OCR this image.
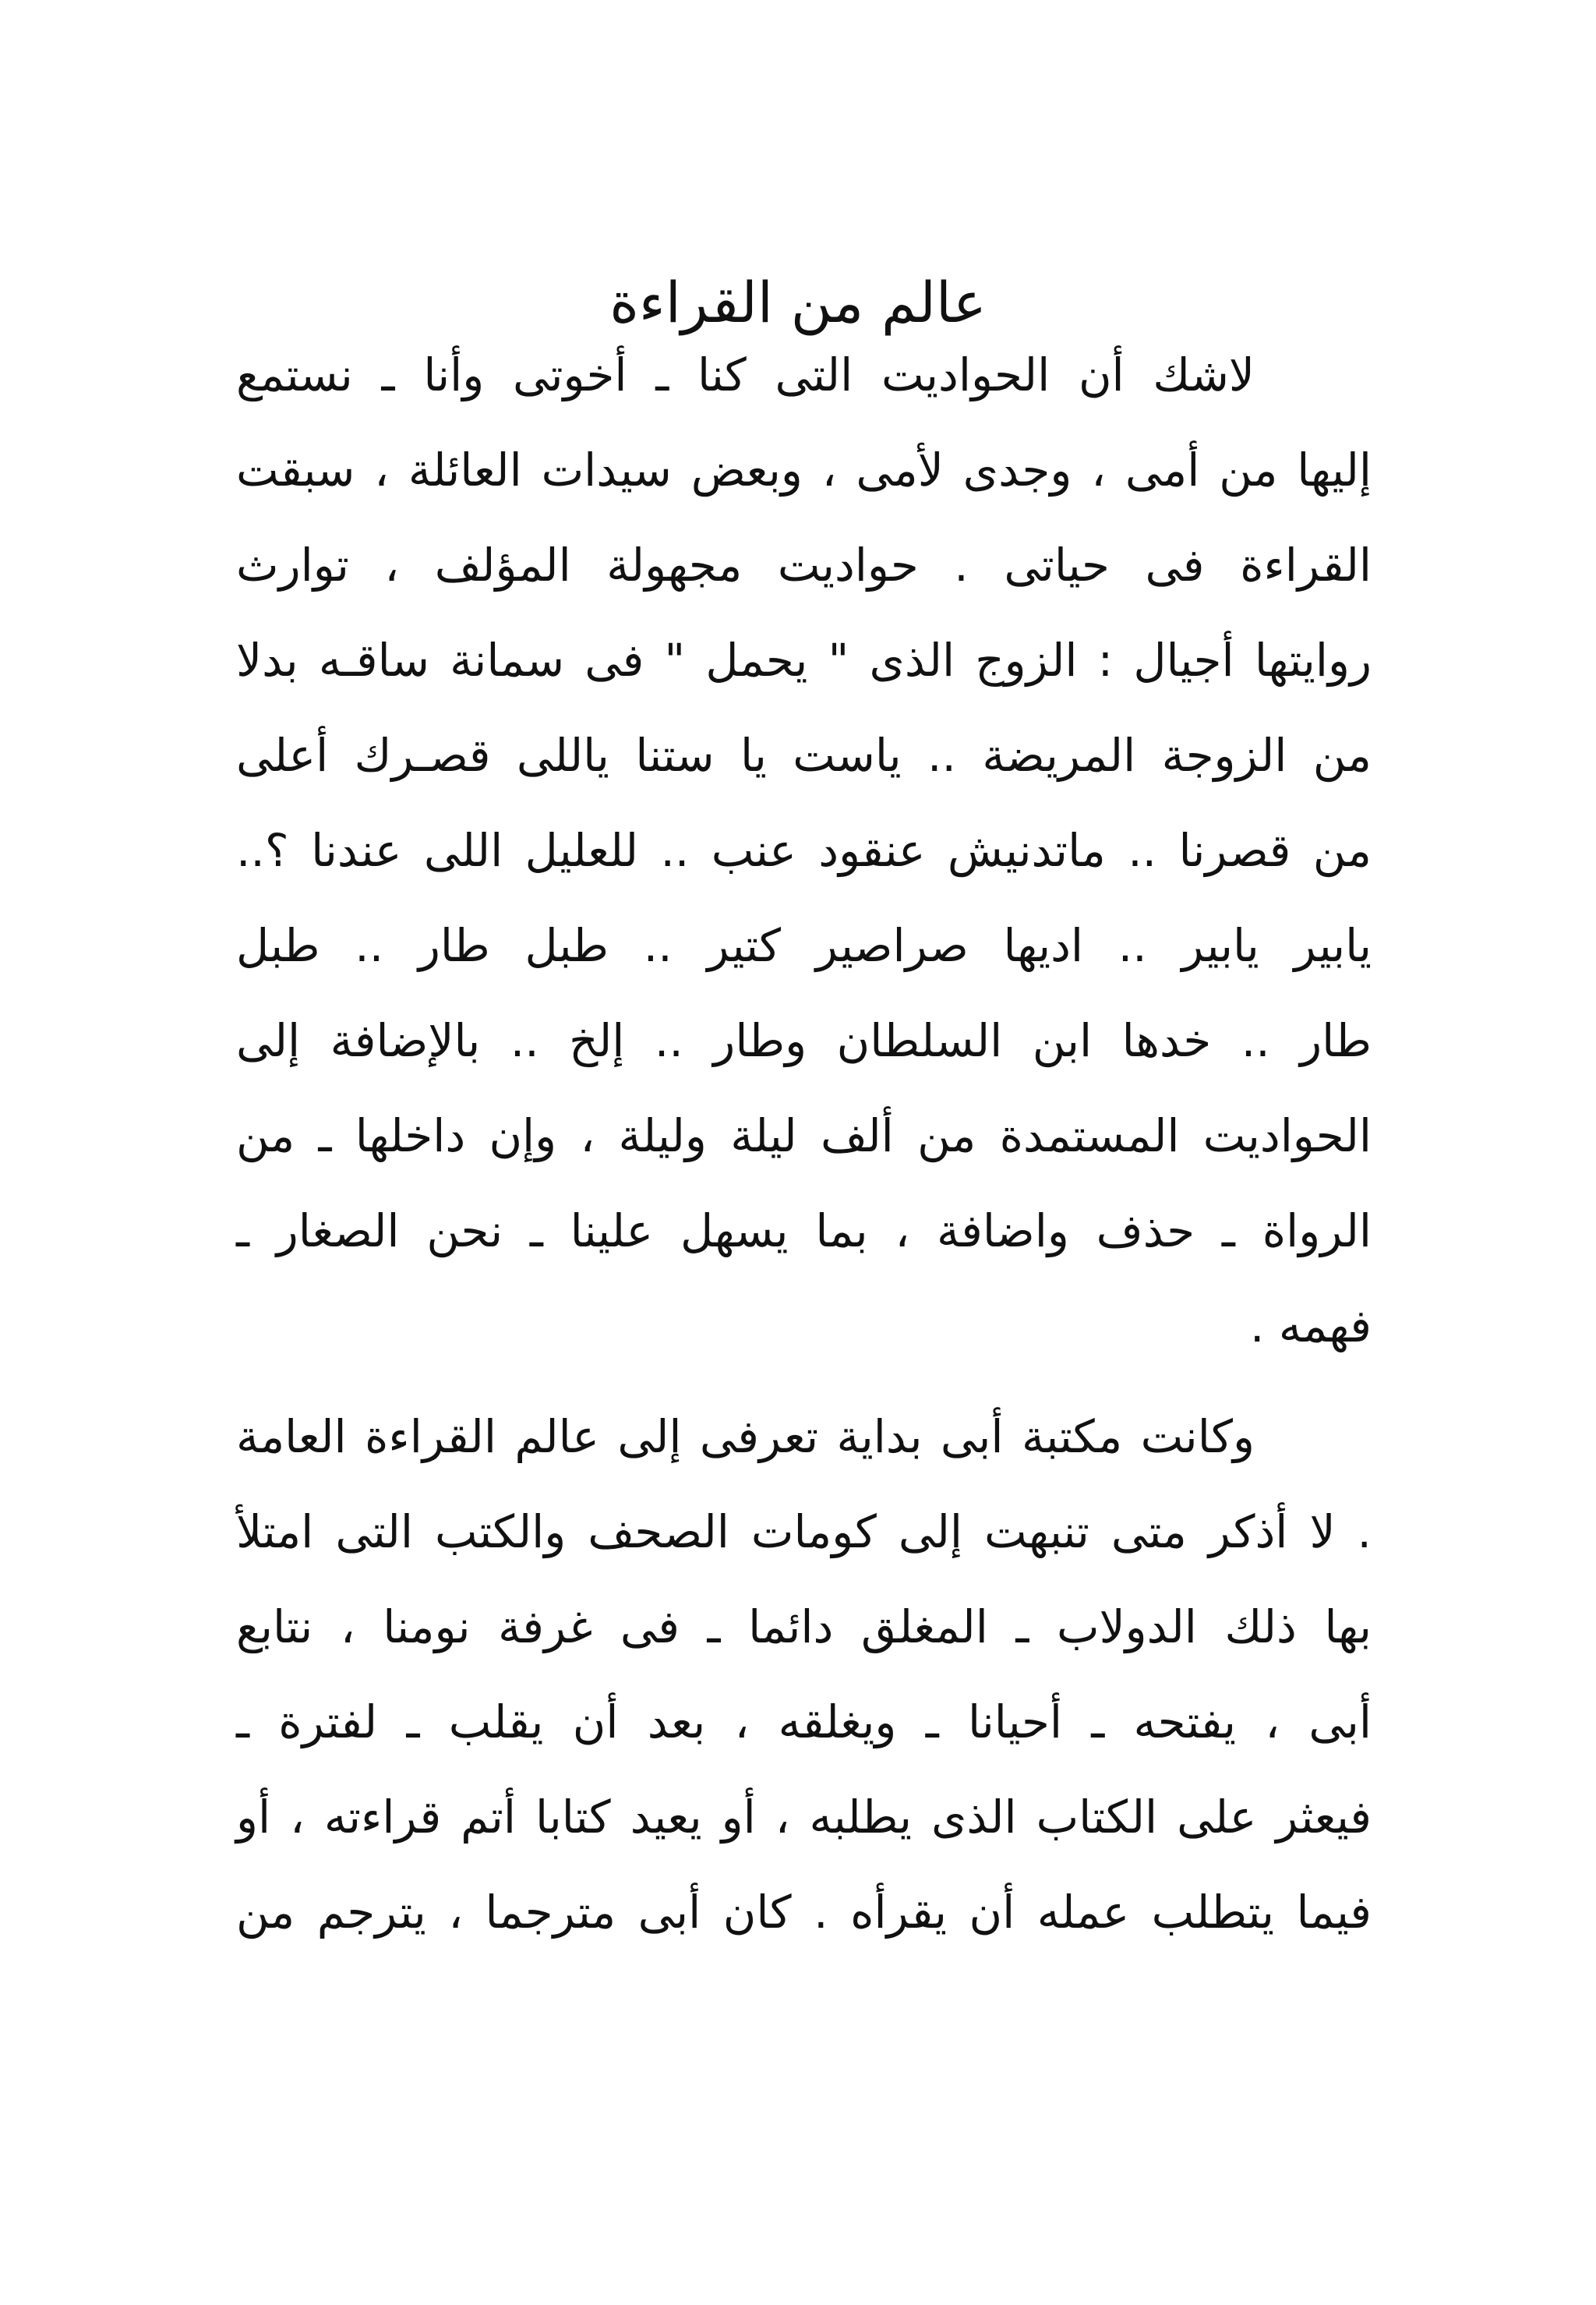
عالم من القراءة
لاشك أن الحواديت التى كنا ـ أخوتى وأنا ـ نستمع
إليها من أمى ، وجدى لأمى ، وبعض سيدات العائلة ، سبقت
القراءة فى حياتى . حواديت مجهولة المؤلف ، توارث
روايتها أجيال : الزوج الذى " يحمل " فى سمانة ساقـه بدلا
من الزوجة المريضة .. ياست يا ستنا ياللى قصـرك أعلى
من قصرنا .. ماتدنيش عنقود عنب .. للعليل اللى عندنا ؟..
يابير يابير .. اديها صراصير كتير .. طبل طار .. طبل
طار .. خدها ابن السلطان وطار .. إلخ .. بالإضافة إلى
الحواديت المستمدة من ألف ليلة وليلة ، وإن داخلها ـ من
الرواة ـ حذف واضافة ، بما يسهل علينا ـ نحن الصغار ـ
فهمه .
وكانت مكتبة أبى بداية تعرفى إلى عالم القراءة العامة
. لا أذكر متى تنبهت إلى كومات الصحف والكتب التى امتلأ
بها ذلك الدولاب ـ المغلق دائما ـ فى غرفة نومنا ، نتابع
أبى ، يفتحه ـ أحيانا ـ ويغلقه ، بعد أن يقلب ـ لفترة ـ
فيعثر على الكتاب الذى يطلبه ، أو يعيد كتابا أتم قراءته ، أو
فيما يتطلب عمله أن يقرأه . كان أبى مترجما ، يترجم من
